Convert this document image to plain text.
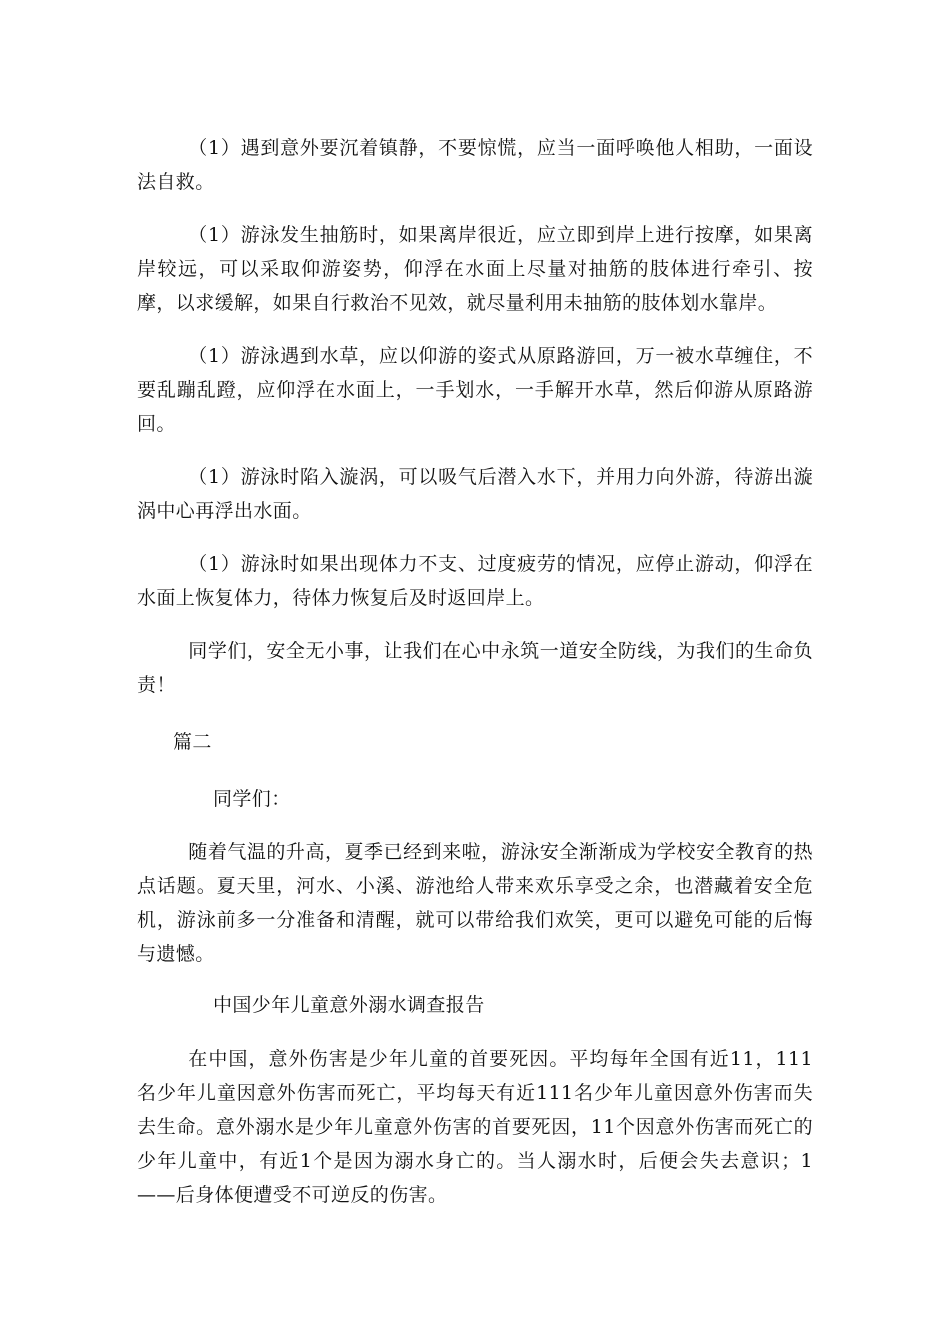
（1）遇到意外要沉着镇静，不要惊慌，应当一面呼唤他人相助，一面设法自救。

（1）游泳发生抽筋时，如果离岸很近，应立即到岸上进行按摩，如果离岸较远，可以采取仰游姿势，仰浮在水面上尽量对抽筋的肢体进行牵引、按摩，以求缓解，如果自行救治不见效，就尽量利用未抽筋的肢体划水靠岸。

（1）游泳遇到水草，应以仰游的姿式从原路游回，万一被水草缠住，不要乱蹦乱蹬，应仰浮在水面上，一手划水，一手解开水草，然后仰游从原路游回。

（1）游泳时陷入漩涡，可以吸气后潜入水下，并用力向外游，待游出漩涡中心再浮出水面。

（1）游泳时如果出现体力不支、过度疲劳的情况，应停止游动，仰浮在水面上恢复体力，待体力恢复后及时返回岸上。

同学们，安全无小事，让我们在心中永筑一道安全防线，为我们的生命负责！

篇二

同学们：

随着气温的升高，夏季已经到来啦，游泳安全渐渐成为学校安全教育的热点话题。夏天里，河水、小溪、游池给人带来欢乐享受之余，也潜藏着安全危机，游泳前多一分准备和清醒，就可以带给我们欢笑，更可以避免可能的后悔与遗憾。

中国少年儿童意外溺水调查报告

在中国，意外伤害是少年儿童的首要死因。平均每年全国有近11，111名少年儿童因意外伤害而死亡，平均每天有近111名少年儿童因意外伤害而失去生命。意外溺水是少年儿童意外伤害的首要死因，11个因意外伤害而死亡的少年儿童中，有近1个是因为溺水身亡的。当人溺水时，后便会失去意识；1——后身体便遭受不可逆反的伤害。
